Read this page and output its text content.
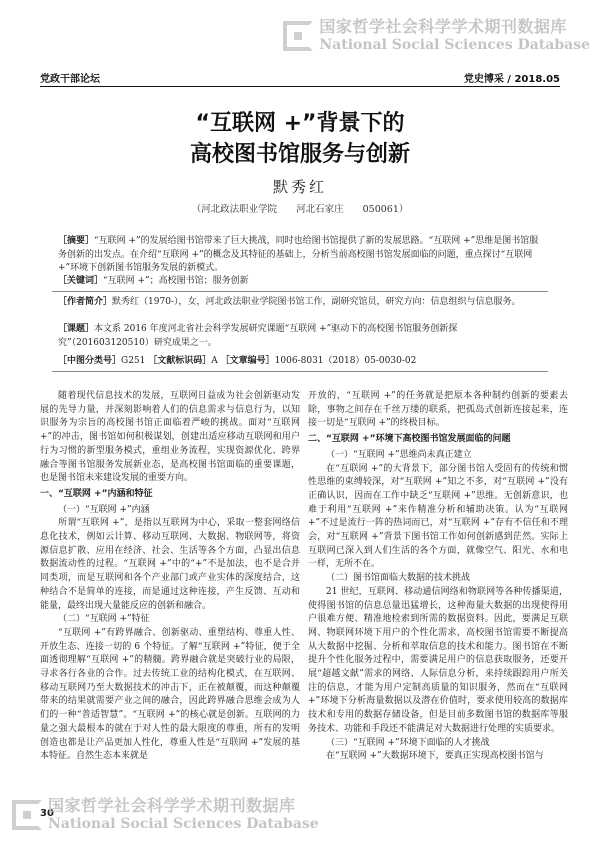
国家哲学社会科学学术期刊数据库
National Social Sciences Database
党政干部论坛	党史博采 / 2018.05
“互联网 +”背景下的
高校图书馆服务与创新
默秀红
（河北政法职业学院　　河北石家庄　　050061）
［摘要］“互联网 +”的发展给图书馆带来了巨大挑战，同时也给图书馆提供了新的发展思路。“互联网 +”思维是图书馆服务创新的出发点。在介绍“互联网 +”的概念及其特征的基础上，分析当前高校图书馆发展面临的问题，重点探讨“互联网 +”环境下创新图书馆服务发展的新模式。
［关键词］“互联网 +”；高校图书馆；服务创新
［作者简介］默秀红（1970-），女，河北政法职业学院图书馆工作，副研究馆员，研究方向：信息组织与信息服务。
［课题］本文系 2016 年度河北省社会科学发展研究课题“互联网 +”驱动下的高校图书馆服务创新探究”（201603120510）研究成果之一。
［中图分类号］G251 ［文献标识码］A ［文章编号］1006-8031（2018）05-0030-02

随着现代信息技术的发展，互联网日益成为社会创新驱动发展的先导力量，并深刻影响着人们的信息需求与信息行为，以知识服务为宗旨的高校图书馆正面临着严峻的挑战。面对“互联网 +”的冲击，图书馆如何积极谋划，创建出适应移动互联网和用户行为习惯的新型服务模式，重组业务流程，实现资源优化、跨界融合等图书馆服务发展新业态，是高校图书馆面临的重要课题，也是图书馆未来建设发展的重要方向。

一、“互联网 +”内涵和特征

（一）“互联网 +”内涵

所谓“互联网 +”，是指以互联网为中心，采取一整套网络信息化技术，例如云计算、移动互联网、大数据、物联网等，将资源信息扩散、应用在经济、社会、生活等各个方面，凸显出信息数据流动性的过程。“互联网 +”中的“+”不是加法，也不是合并同类项，而是互联网和各个产业部门或产业实体的深度结合，这种结合不是简单的连接，而是通过这种连接，产生反馈、互动和能量，最终出现大量能反应的创新和融合。

（二）“互联网 +”特征

“互联网 +”有跨界融合、创新驱动、重塑结构、尊重人性、开放生态、连接一切的 6 个特征。了解“互联网 +”特征，便于全面透彻理解“互联网 +”的精髓。跨界融合就是突破行业的局限，寻求各行各业的合作。过去传统工业的结构化模式，在互联网、移动互联网乃至大数据技术的冲击下，正在被颠覆，而这种颠覆带来的结果就需要产业之间的融合，因此跨界融合思维会成为人们的一种“普适智慧”。“互联网 +”的核心就是创新。互联网的力量之强大最根本的就在于对人性的最大限度的尊重，所有的发明创造也都是让产品更加人性化，尊重人性是“互联网 +”发展的基本特征。自然生态本来就是

开放的，“互联网 +”的任务就是把原本各种制约创新的要素去除，事物之间存在千丝万缕的联系，把孤岛式创新连接起来，连接一切是“互联网 +”的终极目标。

二、“互联网 +”环境下高校图书馆发展面临的问题

（一）“互联网 +”思维尚未真正建立

在“互联网 +”的大背景下，部分图书馆人受固有的传统和惯性思维的束缚较深，对“互联网 +”知之不多，对“互联网 +”没有正确认识，因而在工作中缺乏“互联网 +”思维。无创新意识，也难于利用“互联网 +”来作精准分析和辅助决策。认为“互联网 +”不过是流行一阵的热词而已，对“互联网 +”存有不信任和不理会，对“互联网 +”背景下图书馆工作如何创新感到茫然。实际上互联网已深入到人们生活的各个方面，就像空气、阳光、水和电一样，无所不在。

（二）图书馆面临大数据的技术挑战

21 世纪，互联网、移动通信网络和物联网等各种传播渠道，使得图书馆的信息总量迅猛增长，这种海量大数据的出现使得用户很难方便、精准地检索到所需的数据资料。因此，要满足互联网、物联网环境下用户的个性化需求，高校图书馆需要不断提高从大数据中挖掘、分析和萃取信息的技术和能力。图书馆在不断提升个性化服务过程中，需要满足用户的信息获取服务，还要开展“超越文献”需求的网络、人际信息分析，来持续跟踪用户所关注的信息，才能为用户定制高质量的知识服务，然而在“互联网 +”环境下分析海量数据以及潜在价值时，要求使用较高的数据库技术和专用的数据存储设备，但是目前多数图书馆的数据库等服务技术、功能和手段还不能满足对大数据进行处理的实质要求。

（三）“互联网 +”环境下面临的人才挑战

在“互联网 +”大数据环境下，要真正实现高校图书馆与

30
国家哲学社会科学学术期刊数据库
National Social Sciences Database
